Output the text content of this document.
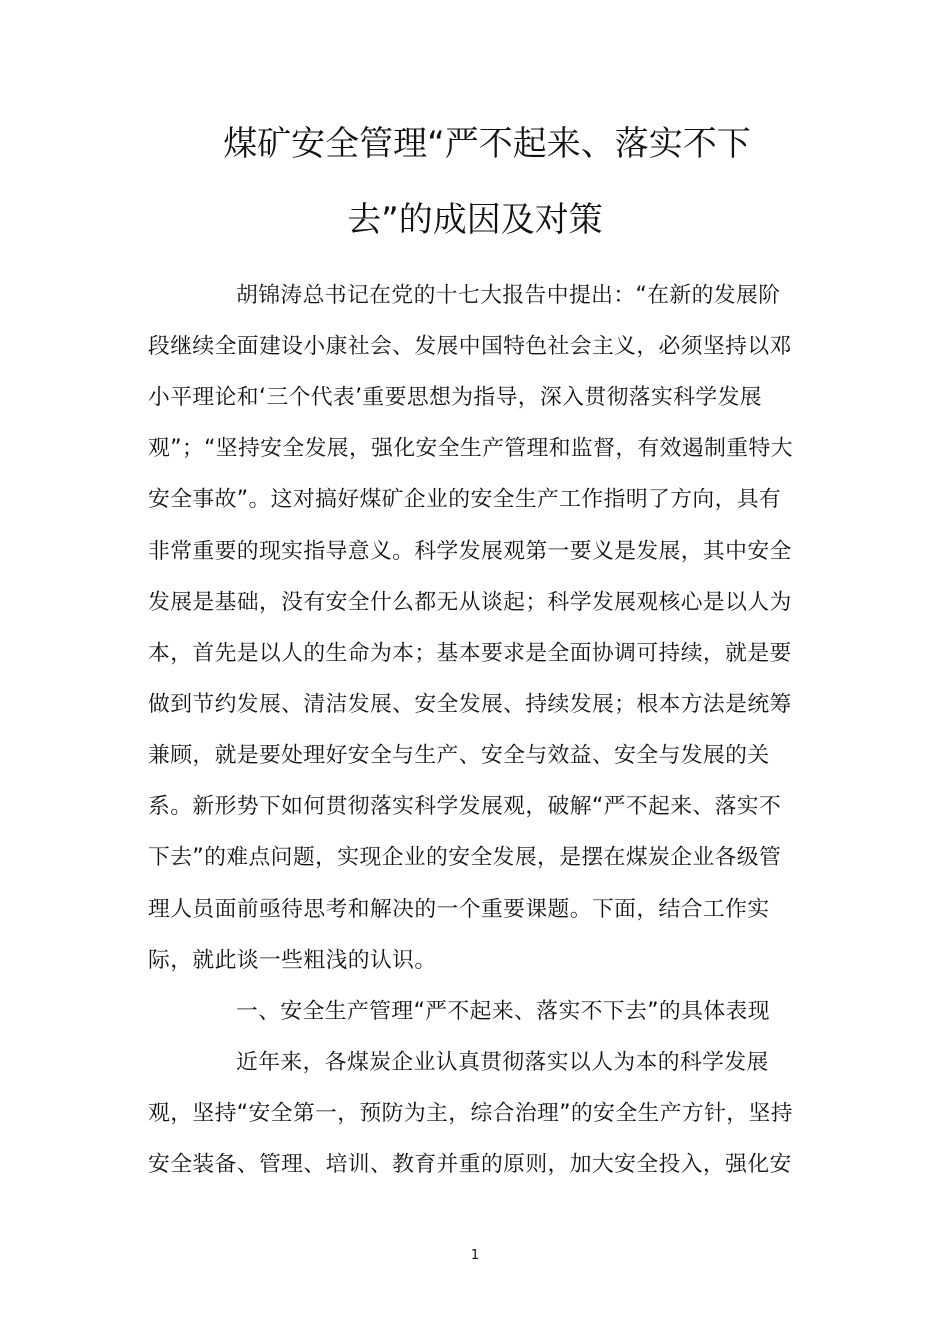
煤矿安全管理“严不起来、落实不下
去”的成因及对策
胡锦涛总书记在党的十七大报告中提出：“在新的发展阶
段继续全面建设小康社会、发展中国特色社会主义，必须坚持以邓
小平理论和‘三个代表’重要思想为指导，深入贯彻落实科学发展
观”；“坚持安全发展，强化安全生产管理和监督，有效遏制重特大
安全事故”。这对搞好煤矿企业的安全生产工作指明了方向，具有
非常重要的现实指导意义。科学发展观第一要义是发展，其中安全
发展是基础，没有安全什么都无从谈起；科学发展观核心是以人为
本，首先是以人的生命为本；基本要求是全面协调可持续，就是要
做到节约发展、清洁发展、安全发展、持续发展；根本方法是统筹
兼顾，就是要处理好安全与生产、安全与效益、安全与发展的关
系。新形势下如何贯彻落实科学发展观，破解“严不起来、落实不
下去”的难点问题，实现企业的安全发展，是摆在煤炭企业各级管
理人员面前亟待思考和解决的一个重要课题。下面，结合工作实
际，就此谈一些粗浅的认识。
一、安全生产管理“严不起来、落实不下去”的具体表现
近年来，各煤炭企业认真贯彻落实以人为本的科学发展
观，坚持“安全第一，预防为主，综合治理”的安全生产方针，坚持
安全装备、管理、培训、教育并重的原则，加大安全投入，强化安
1
